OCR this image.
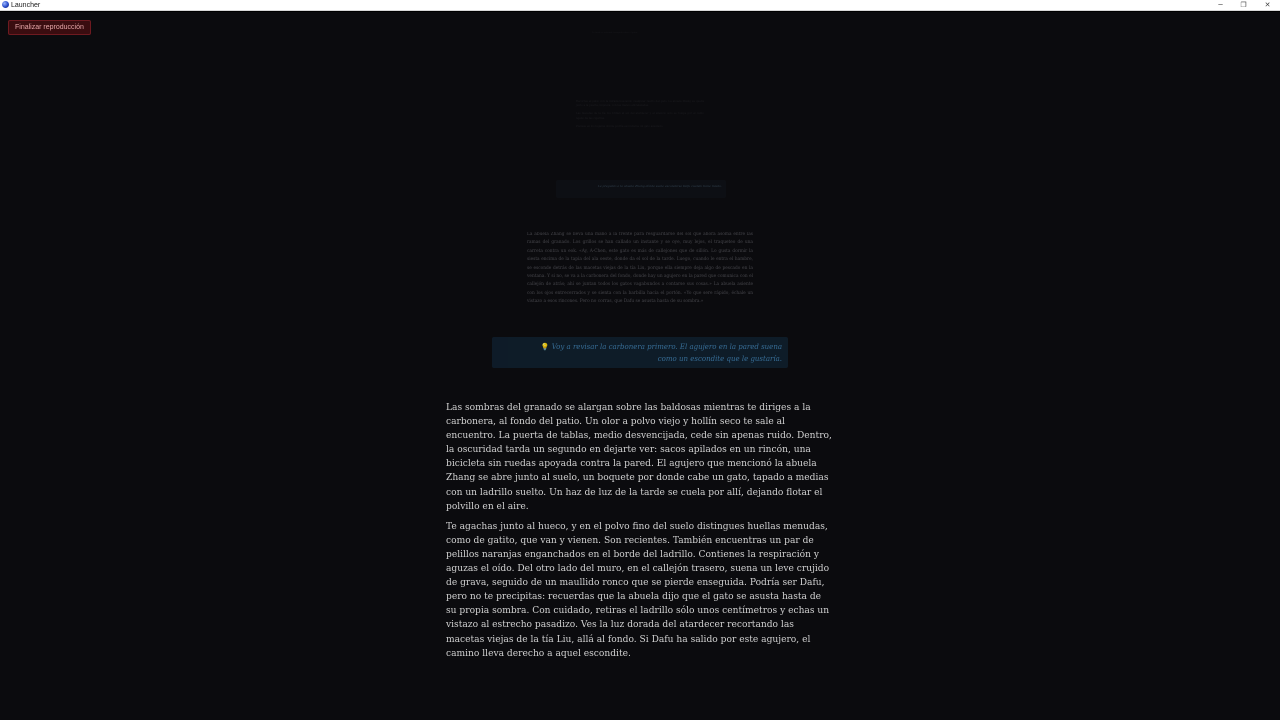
Launcher	─	❐	✕
Finalizar reproducción
La tarde se extiende tranquila sobre el patio.

Recorres el patio con la mirada buscando cualquier rastro del gato. La abuela Zhang se queda junto a la puerta, inquieta, con las manos entrelazadas.

Las macetas de la tía Liu brillan al sol del atardecer y el silencio solo se rompe por el canto lejano de las cigarras.

Piensas en los lugares donde podría esconderse un gato asustado.

Le pregunto a la abuela Zhang dónde suele esconderse Dafu cuando tiene miedo.
La abuela Zhang se lleva una mano a la frente para resguardarse del sol que ahora asoma entre las ramas del granado. Los grillos se han callado un instante y se oye, muy lejos, el traqueteo de una carreta contra un eok. «Ay, A-Chen, este gato es más de callejones que de sillón. Lo gusta dormir la siesta encima de la tapia del ala oeste, donde da el sol de la tarde. Luego, cuando le entra el hambre, se esconde detrás de las macetas viejas de la tía Liu, porque ella siempre deja algo de pescado en la ventana. Y si no, se va a la carbonera del fondo, donde hay un agujero en la pared que comunica con el callejón de atrás; ahí se juntan todos los gatos vagabundos a contarse sus cosas.» La abuela asiente con los ojos entrecerrados y se sienta con la barbilla hacia el portón. «Yo que sere rápido, échale un vistazo a esos rincones. Pero no corras, que Dafu se asusta hasta de su sombra.»
💡 Voy a revisar la carbonera primero. El agujero en la pared suena como un escondite que le gustaría.

Las sombras del granado se alargan sobre las baldosas mientras te diriges a la carbonera, al fondo del patio. Un olor a polvo viejo y hollín seco te sale al encuentro. La puerta de tablas, medio desvencijada, cede sin apenas ruido. Dentro, la oscuridad tarda un segundo en dejarte ver: sacos apilados en un rincón, una bicicleta sin ruedas apoyada contra la pared. El agujero que mencionó la abuela Zhang se abre junto al suelo, un boquete por donde cabe un gato, tapado a medias con un ladrillo suelto. Un haz de luz de la tarde se cuela por allí, dejando flotar el polvillo en el aire.

Te agachas junto al hueco, y en el polvo fino del suelo distingues huellas menudas, como de gatito, que van y vienen. Son recientes. También encuentras un par de pelillos naranjas enganchados en el borde del ladrillo. Contienes la respiración y aguzas el oído. Del otro lado del muro, en el callejón trasero, suena un leve crujido de grava, seguido de un maullido ronco que se pierde enseguida. Podría ser Dafu, pero no te precipitas: recuerdas que la abuela dijo que el gato se asusta hasta de su propia sombra. Con cuidado, retiras el ladrillo sólo unos centímetros y echas un vistazo al estrecho pasadizo. Ves la luz dorada del atardecer recortando las macetas viejas de la tía Liu, allá al fondo. Si Dafu ha salido por este agujero, el camino lleva derecho a aquel escondite.
